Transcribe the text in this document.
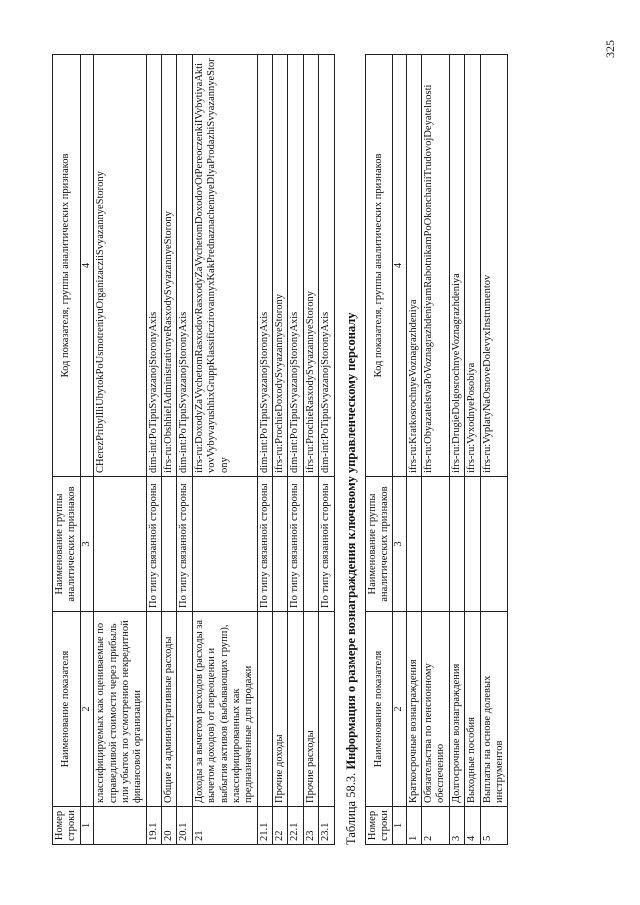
325
Номер строки	Наименование показателя	Наименование группы аналитических признаков	Код показателя, группы аналитических признаков
1	2	3	4
	классифицируемых как оцениваемые по справедливой стоимости через прибыль или убыток по усмотрению некредитной финансовой организации		CHerezPribylIliUbytokPoUsmotreniyuOrganizacziiSvyazannyeStorony
19.1		По типу связанной стороны	dim-int:PoTipuSvyazanojStoronyAxis
20	Общие и административные расходы		ifrs-ru:ObshhieIAdministrativnyeRasxodySvyazannyeStorony
20.1		По типу связанной стороны	dim-int:PoTipuSvyazanojStoronyAxis
21	Доходы за вычетом расходов (расходы за вычетом доходов) от переоценки и выбытия активов (выбывающих групп), классифицированных как предназначенные для продажи		ifrs-ru:DoxodyZaVychetomRasxodovRasxodyZaVychetomDoxodovOtPereoczenkiIVybytiyaAktivovVybyvayushhixGruppKlassificzirovannyxKakPrednaznachennyeDlyaProdazhiSvyazannyeStorony
21.1		По типу связанной стороны	dim-int:PoTipuSvyazanojStoronyAxis
22	Прочие доходы		ifrs-ru:ProchieDoxodySvyazannyeStorony
22.1		По типу связанной стороны	dim-int:PoTipuSvyazanojStoronyAxis
23	Прочие расходы		ifrs-ru:ProchieRasxodySvyazannyeStorony
23.1		По типу связанной стороны	dim-int:PoTipuSvyazanojStoronyAxis
Таблица 58.3. Информация о размере вознаграждения ключевому управленческому персоналу
Номер строки	Наименование показателя	Наименование группы аналитических признаков	Код показателя, группы аналитических признаков
1	2	3	4
1	Краткосрочные вознаграждения		ifrs-ru:KratkosrochnyeVoznagrazhdeniya
2	Обязательства по пенсионному обеспечению		ifrs-ru:ObyazatelstvaPoVoznagrazhdeniyamRabotnikamPoOkonchaniiTrudovojDeyatelnosti
3	Долгосрочные вознаграждения		ifrs-ru:DrugieDolgosrochnyeVoznagrazhdeniya
4	Выходные пособия		ifrs-ru:VyxodnyePosobiya
5	Выплаты на основе долевых инструментов		ifrs-ru:VyplatyNaOsnoveDolevyxInstrumentov
